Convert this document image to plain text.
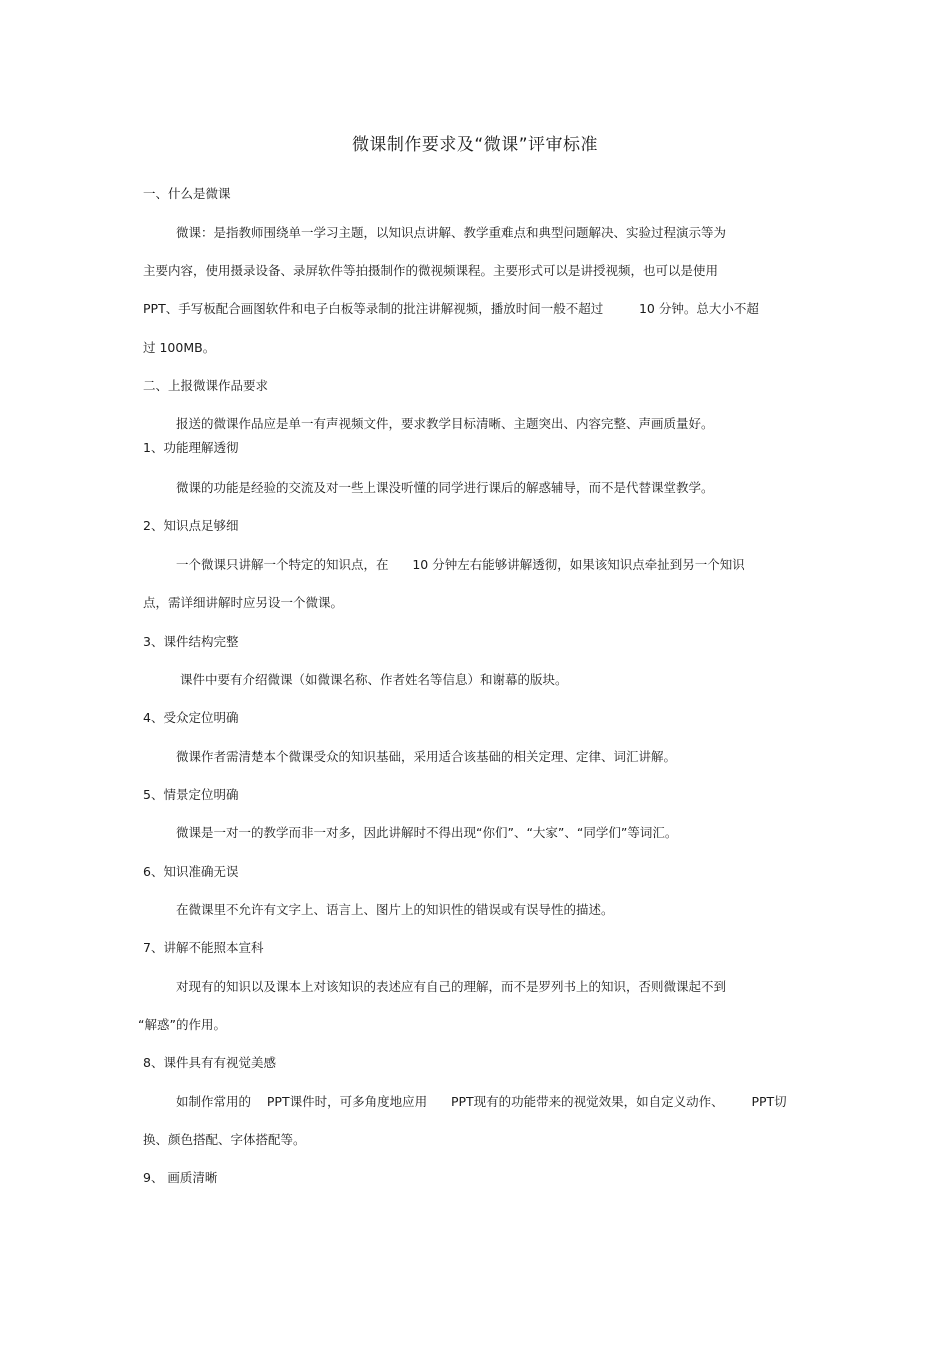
微课制作要求及“微课”评审标准
一、什么是微课
微课：是指教师围绕单一学习主题，以知识点讲解、教学重难点和典型问题解决、实验过程演示等为
主要内容，使用摄录设备、录屏软件等拍摄制作的微视频课程。主要形式可以是讲授视频，也可以是使用
PPT、手写板配合画图软件和电子白板等录制的批注讲解视频，播放时间一般不超过         10 分钟。总大小不超
过 100MB。
二、上报微课作品要求
报送的微课作品应是单一有声视频文件，要求教学目标清晰、主题突出、内容完整、声画质量好。
1、功能理解透彻
微课的功能是经验的交流及对一些上课没听懂的同学进行课后的解惑辅导，而不是代替课堂教学。
2、知识点足够细
一个微课只讲解一个特定的知识点，在      10 分钟左右能够讲解透彻，如果该知识点牵扯到另一个知识
点，需详细讲解时应另设一个微课。
3、课件结构完整
课件中要有介绍微课（如微课名称、作者姓名等信息）和谢幕的版块。
4、受众定位明确
微课作者需清楚本个微课受众的知识基础，采用适合该基础的相关定理、定律、词汇讲解。
5、情景定位明确
微课是一对一的教学而非一对多，因此讲解时不得出现“你们”、“大家”、“同学们”等词汇。
6、知识准确无误
在微课里不允许有文字上、语言上、图片上的知识性的错误或有误导性的描述。
7、讲解不能照本宣科
对现有的知识以及课本上对该知识的表述应有自己的理解，而不是罗列书上的知识，否则微课起不到
“解惑”的作用。
8、课件具有有视觉美感
如制作常用的    PPT课件时，可多角度地应用      PPT现有的功能带来的视觉效果，如自定义动作、       PPT切
换、颜色搭配、字体搭配等。
9、 画质清晰
